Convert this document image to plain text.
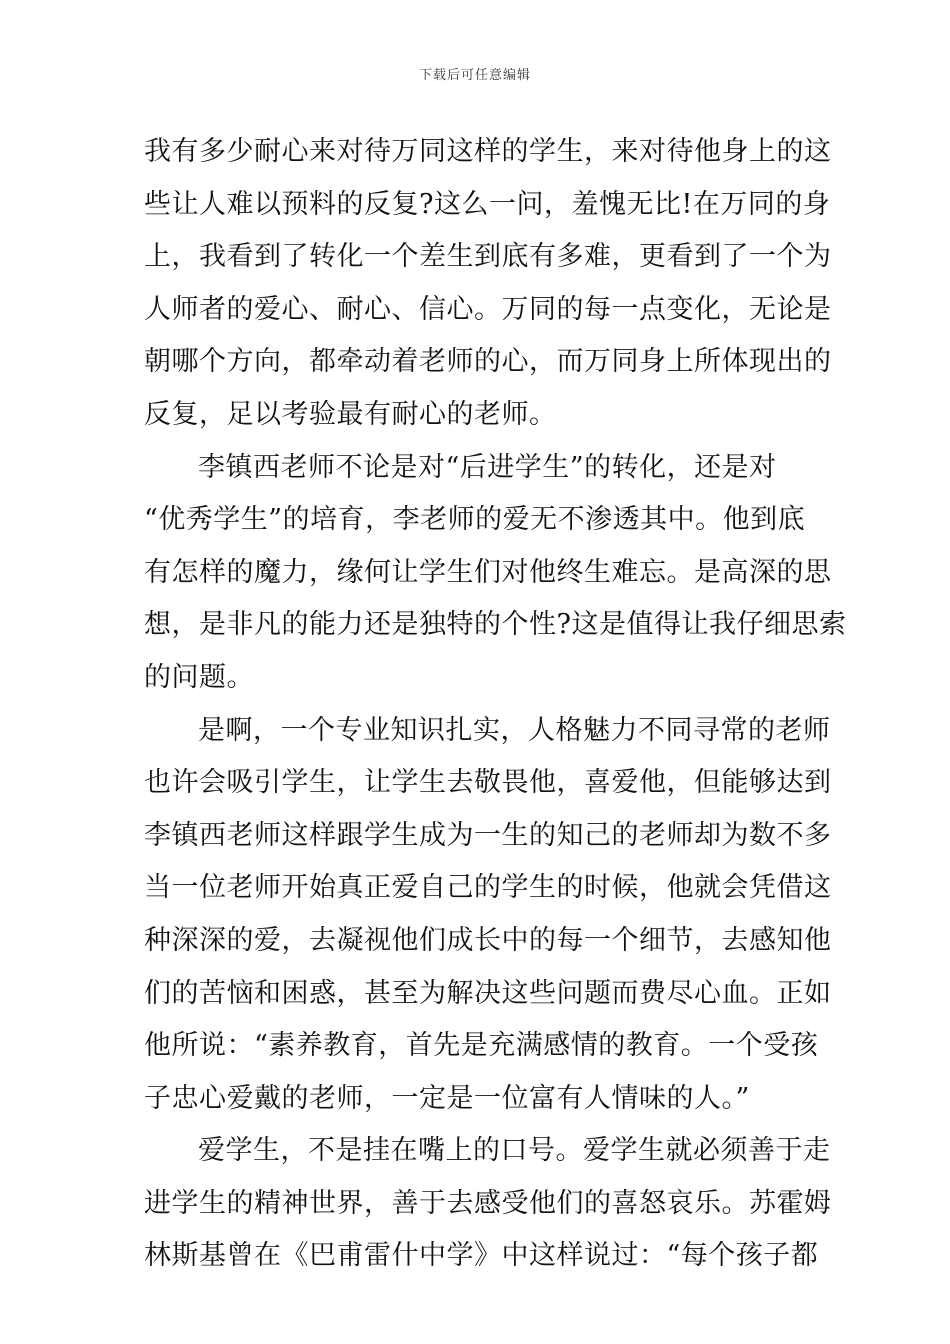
下载后可任意编辑
我有多少耐心来对待万同这样的学生，来对待他身上的这
些让人难以预料的反复?这么一问，羞愧无比!在万同的身
上，我看到了转化一个差生到底有多难，更看到了一个为
人师者的爱心、耐心、信心。万同的每一点变化，无论是
朝哪个方向，都牵动着老师的心，而万同身上所体现出的
反复，足以考验最有耐心的老师。
李镇西老师不论是对“后进学生”的转化，还是对
“优秀学生”的培育，李老师的爱无不渗透其中。他到底
有怎样的魔力，缘何让学生们对他终生难忘。是高深的思
想，是非凡的能力还是独特的个性?这是值得让我仔细思索
的问题。
是啊，一个专业知识扎实，人格魅力不同寻常的老师
也许会吸引学生，让学生去敬畏他，喜爱他，但能够达到
李镇西老师这样跟学生成为一生的知己的老师却为数不多
当一位老师开始真正爱自己的学生的时候，他就会凭借这
种深深的爱，去凝视他们成长中的每一个细节，去感知他
们的苦恼和困惑，甚至为解决这些问题而费尽心血。正如
他所说：“素养教育，首先是充满感情的教育。一个受孩
子忠心爱戴的老师，一定是一位富有人情味的人。”
爱学生，不是挂在嘴上的口号。爱学生就必须善于走
进学生的精神世界，善于去感受他们的喜怒哀乐。苏霍姆
林斯基曾在《巴甫雷什中学》中这样说过：“每个孩子都
